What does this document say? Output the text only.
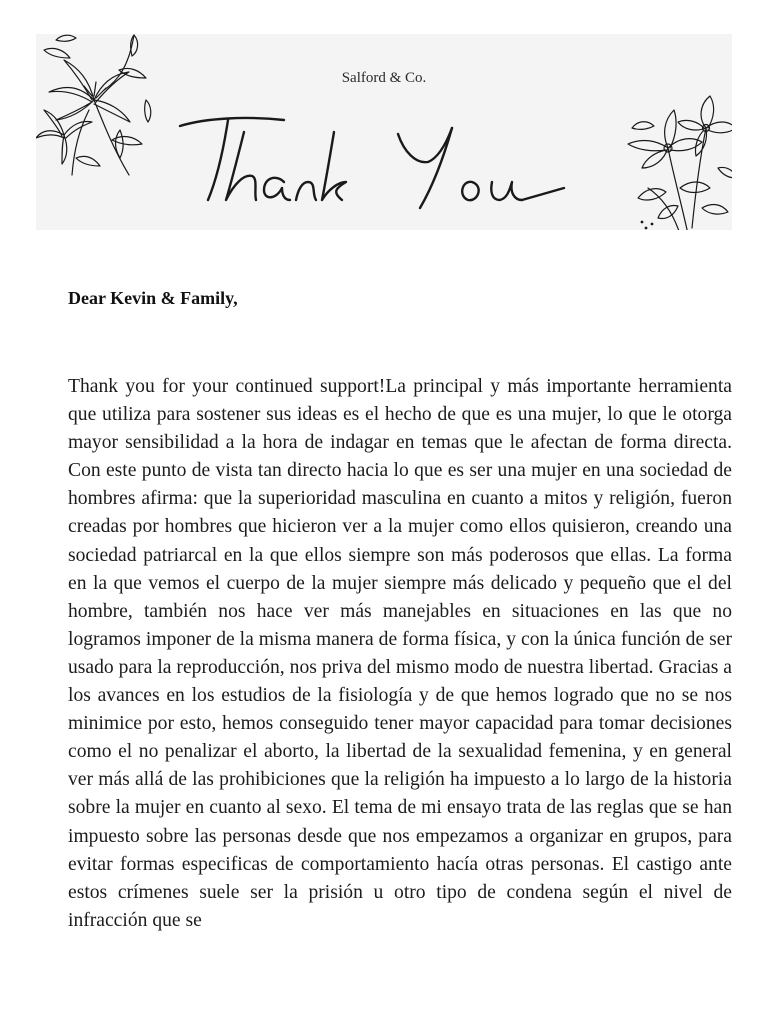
Salford & Co.
Dear Kevin & Family,
Thank you for your continued support!La principal y más importante herramienta que utiliza para sostener sus ideas es el hecho de que es una mujer, lo que le otorga mayor sensibilidad a la hora de indagar en temas que le afectan de forma directa. Con este punto de vista tan directo hacia lo que es ser una mujer en una sociedad de hombres afirma: que la superioridad masculina en cuanto a mitos y religión, fueron creadas por hombres que hicieron ver a la mujer como ellos quisieron, creando una sociedad patriarcal en la que ellos siempre son más poderosos que ellas. La forma en la que vemos el cuerpo de la mujer siempre más delicado y pequeño que el del hombre, también nos hace ver más manejables en situaciones en las que no logramos imponer de la misma manera de forma física, y con la única función de ser usado para la reproducción, nos priva del mismo modo de nuestra libertad. Gracias a los avances en los estudios de la fisiología y de que hemos logrado que no se nos minimice por esto, hemos conseguido tener mayor capacidad para tomar decisiones como el no penalizar el aborto, la libertad de la sexualidad femenina, y en general ver más allá de las prohibiciones que la religión ha impuesto a lo largo de la historia sobre la mujer en cuanto al sexo. El tema de mi ensayo trata de las reglas que se han impuesto sobre las personas desde que nos empezamos a organizar en grupos, para evitar formas especificas de comportamiento hacía otras personas. El castigo ante estos crímenes suele ser la prisión u otro tipo de condena según el nivel de infracción que se
